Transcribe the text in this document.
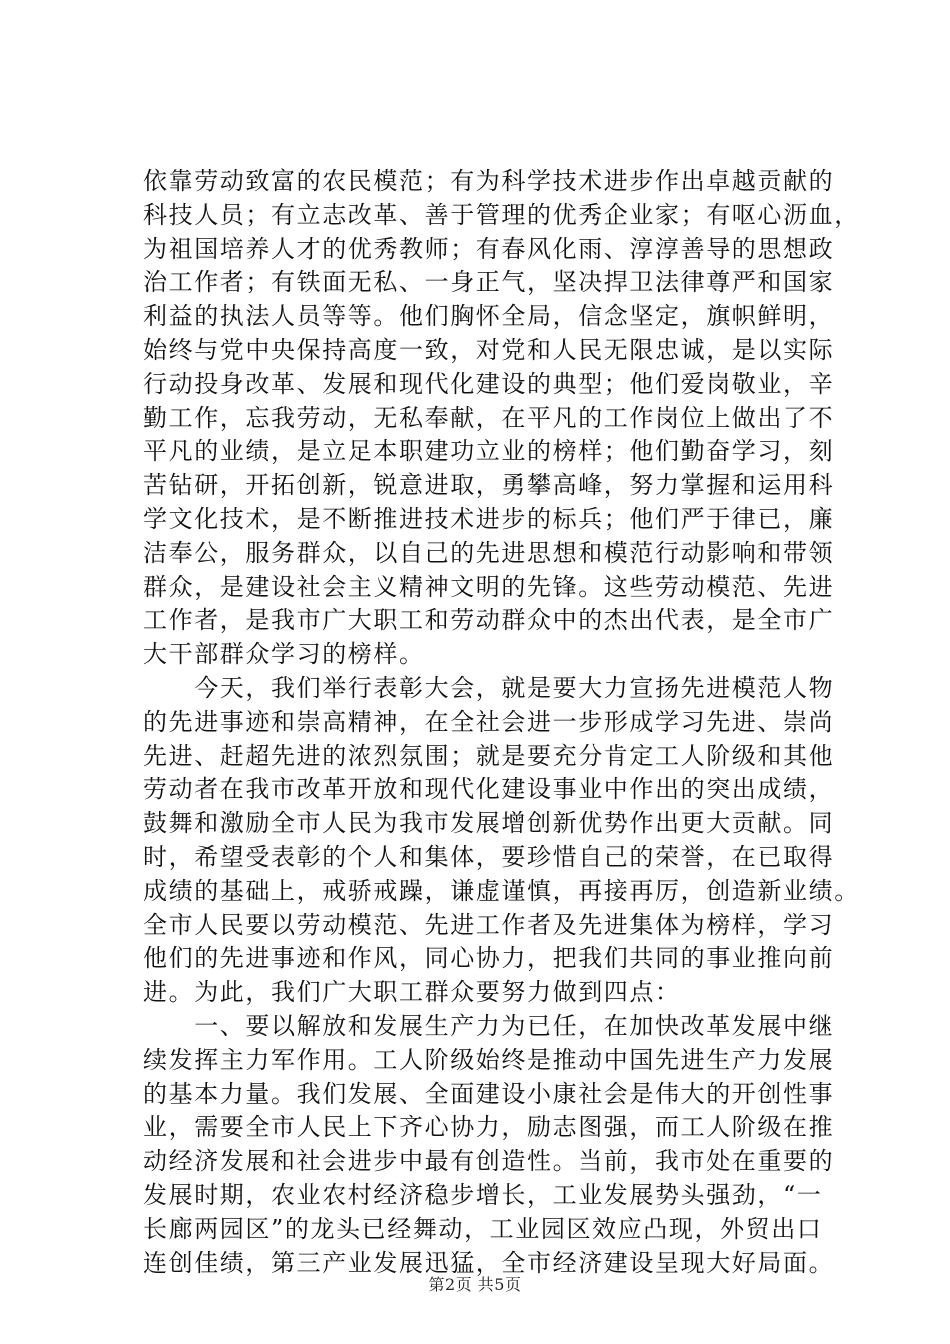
依靠劳动致富的农民模范；有为科学技术进步作出卓越贡献的
科技人员；有立志改革、善于管理的优秀企业家；有呕心沥血，
为祖国培养人才的优秀教师；有春风化雨、淳淳善导的思想政
治工作者；有铁面无私、一身正气，坚决捍卫法律尊严和国家
利益的执法人员等等。他们胸怀全局，信念坚定，旗帜鲜明，
始终与党中央保持高度一致，对党和人民无限忠诚，是以实际
行动投身改革、发展和现代化建设的典型；他们爱岗敬业，辛
勤工作，忘我劳动，无私奉献，在平凡的工作岗位上做出了不
平凡的业绩，是立足本职建功立业的榜样；他们勤奋学习，刻
苦钻研，开拓创新，锐意进取，勇攀高峰，努力掌握和运用科
学文化技术，是不断推进技术进步的标兵；他们严于律已，廉
洁奉公，服务群众，以自己的先进思想和模范行动影响和带领
群众，是建设社会主义精神文明的先锋。这些劳动模范、先进
工作者，是我市广大职工和劳动群众中的杰出代表，是全市广
大干部群众学习的榜样。
　　今天，我们举行表彰大会，就是要大力宣扬先进模范人物
的先进事迹和崇高精神，在全社会进一步形成学习先进、崇尚
先进、赶超先进的浓烈氛围；就是要充分肯定工人阶级和其他
劳动者在我市改革开放和现代化建设事业中作出的突出成绩，
鼓舞和激励全市人民为我市发展增创新优势作出更大贡献。同
时，希望受表彰的个人和集体，要珍惜自己的荣誉，在已取得
成绩的基础上，戒骄戒躁，谦虚谨慎，再接再厉，创造新业绩。
全市人民要以劳动模范、先进工作者及先进集体为榜样，学习
他们的先进事迹和作风，同心协力，把我们共同的事业推向前
进。为此，我们广大职工群众要努力做到四点：
　　一、要以解放和发展生产力为已任，在加快改革发展中继
续发挥主力军作用。工人阶级始终是推动中国先进生产力发展
的基本力量。我们发展、全面建设小康社会是伟大的开创性事
业，需要全市人民上下齐心协力，励志图强，而工人阶级在推
动经济发展和社会进步中最有创造性。当前，我市处在重要的
发展时期，农业农村经济稳步增长，工业发展势头强劲，“一
长廊两园区”的龙头已经舞动，工业园区效应凸现，外贸出口
连创佳绩，第三产业发展迅猛，全市经济建设呈现大好局面。
第2页 共5页
